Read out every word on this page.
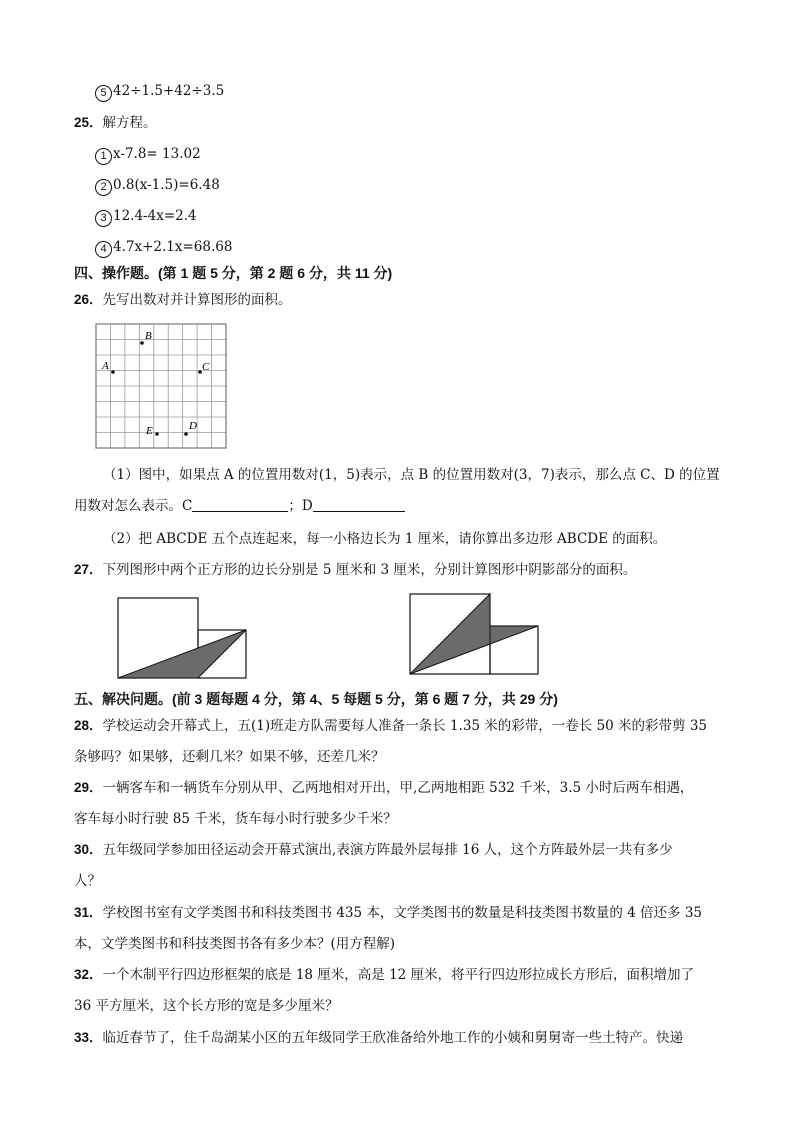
5 42÷1.5+42÷3.5
25．解方程。
1 x-7.8= 13.02
2 0.8(x-1.5)=6.48
3 12.4-4x=2.4
4 4.7x+2.1x=68.68
四、操作题。(第 1 题 5 分，第 2 题 6 分，共 11 分)
26．先写出数对并计算图形的面积。
A
B
C
D
E
（1）图中，如果点 A 的位置用数对(1，5)表示，点 B 的位置用数对(3，7)表示，那么点 C、D 的位置
用数对怎么表示。C	；D
（2）把 ABCDE 五个点连起来，每一小格边长为 1 厘米，请你算出多边形 ABCDE 的面积。
27．下列图形中两个正方形的边长分别是 5 厘米和 3 厘米，分别计算图形中阴影部分的面积。
五、解决问题。(前 3 题每题 4 分，第 4、5 每题 5 分，第 6 题 7 分，共 29 分)
28．学校运动会开幕式上，五(1)班走方队需要每人准备一条长 1.35 米的彩带，一卷长 50 米的彩带剪 35
条够吗？如果够，还剩几米？如果不够，还差几米？
29．一辆客车和一辆货车分别从甲、乙两地相对开出，甲,乙两地相距 532 千米，3.5 小时后两车相遇，
客车每小时行驶 85 千米，货车每小时行驶多少千米？
30．五年级同学参加田径运动会开幕式演出,表演方阵最外层每排 16 人，这个方阵最外层一共有多少
人？
31．学校图书室有文学类图书和科技类图书 435 本，文学类图书的数量是科技类图书数量的 4 倍还多 35
本，文学类图书和科技类图书各有多少本？(用方程解)
32．一个木制平行四边形框架的底是 18 厘米，高是 12 厘米，将平行四边形拉成长方形后，面积增加了
36 平方厘米，这个长方形的宽是多少厘米？
33．临近春节了，住千岛湖某小区的五年级同学王欣准备给外地工作的小姨和舅舅寄一些土特产。快递
